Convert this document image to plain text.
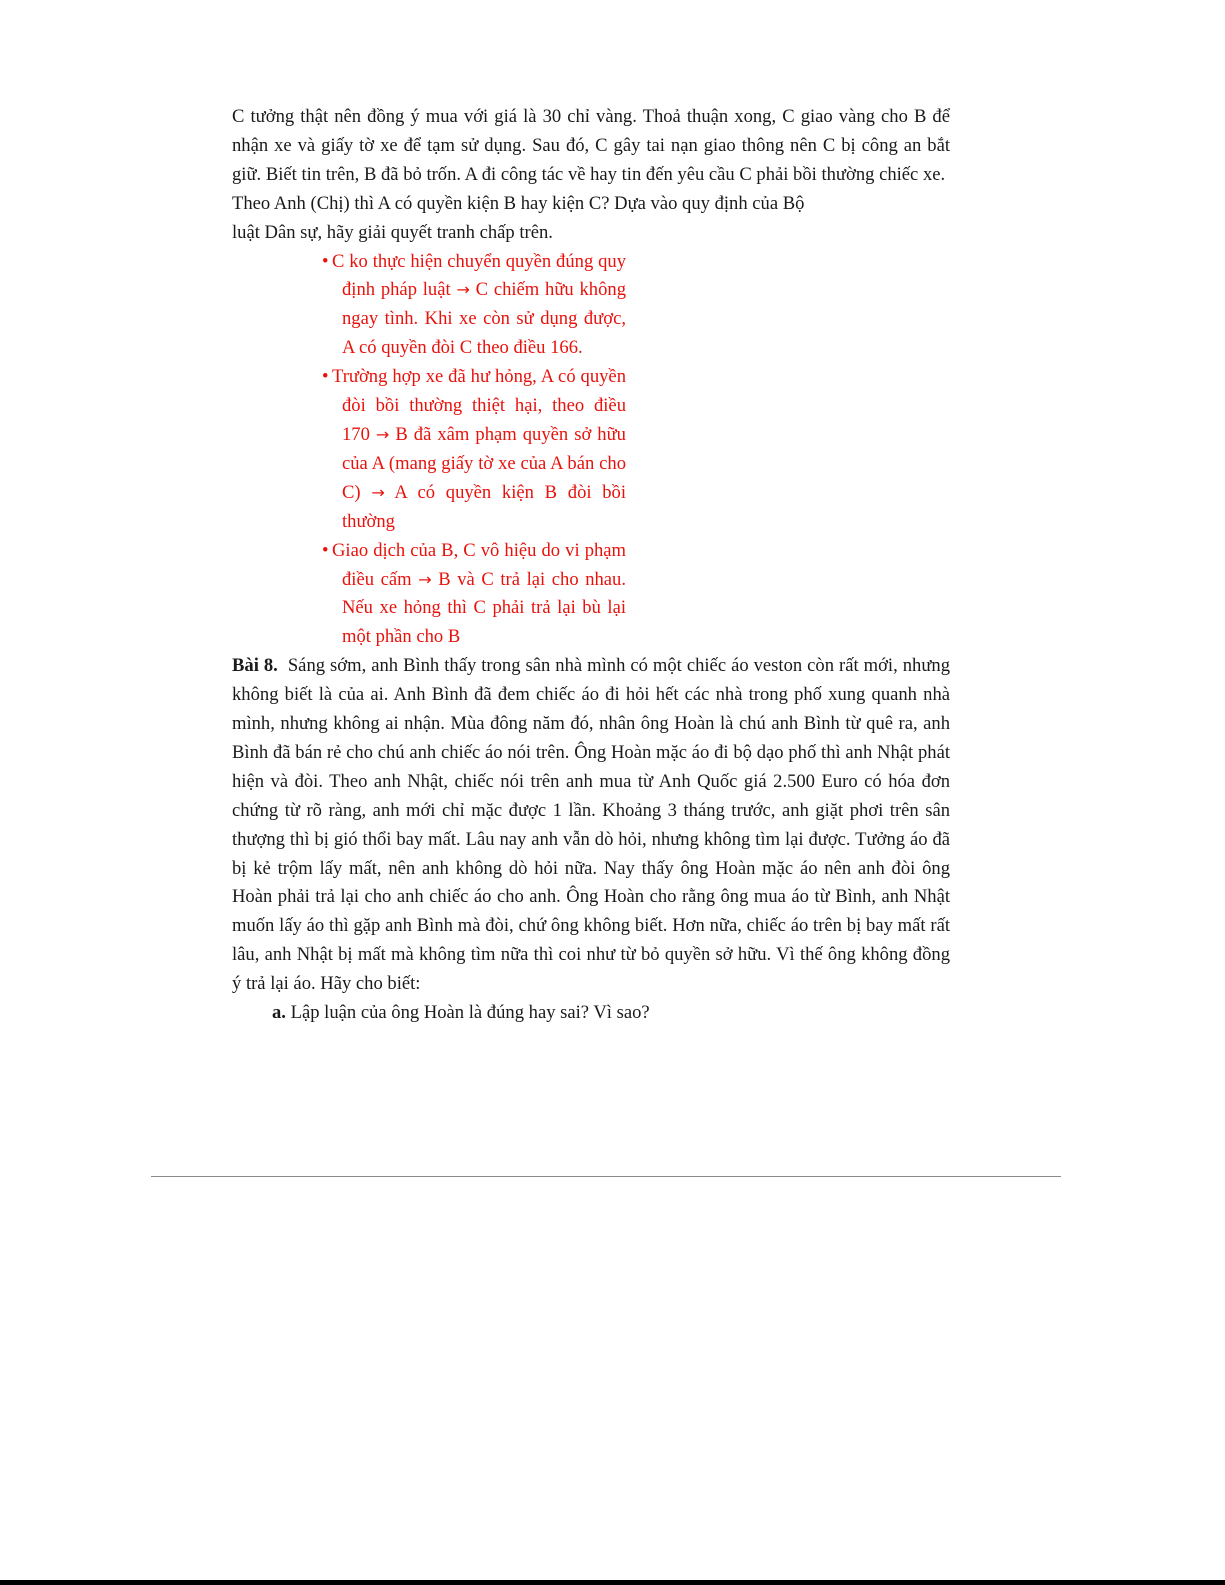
C tưởng thật nên đồng ý mua với giá là 30 chỉ vàng. Thoả thuận xong, C giao vàng cho B để nhận xe và giấy tờ xe để tạm sử dụng. Sau đó, C gây tai nạn giao thông nên C bị công an bắt giữ. Biết tin trên, B đã bỏ trốn. A đi công tác về hay tin đến yêu cầu C phải bồi thường chiếc xe.

Theo Anh (Chị) thì A có quyền kiện B hay kiện C? Dựa vào quy định của Bộ

luật Dân sự, hãy giải quyết tranh chấp trên.

• C ko thực hiện chuyển quyền đúng quy định pháp luật → C chiếm hữu không ngay tình. Khi xe còn sử dụng được, A có quyền đòi C theo điều 166.
• Trường hợp xe đã hư hỏng, A có quyền đòi bồi thường thiệt hại, theo điều 170 → B đã xâm phạm quyền sở hữu của A (mang giấy tờ xe của A bán cho C) → A có quyền kiện B đòi bồi thường
• Giao dịch của B, C vô hiệu do vi phạm điều cấm → B và C trả lại cho nhau. Nếu xe hỏng thì C phải trả lại bù lại một phần cho B

Bài 8. Sáng sớm, anh Bình thấy trong sân nhà mình có một chiếc áo veston còn rất mới, nhưng không biết là của ai. Anh Bình đã đem chiếc áo đi hỏi hết các nhà trong phố xung quanh nhà mình, nhưng không ai nhận. Mùa đông năm đó, nhân ông Hoàn là chú anh Bình từ quê ra, anh Bình đã bán rẻ cho chú anh chiếc áo nói trên. Ông Hoàn mặc áo đi bộ dạo phố thì anh Nhật phát hiện và đòi. Theo anh Nhật, chiếc nói trên anh mua từ Anh Quốc giá 2.500 Euro có hóa đơn chứng từ rõ ràng, anh mới chỉ mặc được 1 lần. Khoảng 3 tháng trước, anh giặt phơi trên sân thượng thì bị gió thổi bay mất. Lâu nay anh vẫn dò hỏi, nhưng không tìm lại được. Tưởng áo đã bị kẻ trộm lấy mất, nên anh không dò hỏi nữa. Nay thấy ông Hoàn mặc áo nên anh đòi ông Hoàn phải trả lại cho anh chiếc áo cho anh. Ông Hoàn cho rằng ông mua áo từ Bình, anh Nhật muốn lấy áo thì gặp anh Bình mà đòi, chứ ông không biết. Hơn nữa, chiếc áo trên bị bay mất rất lâu, anh Nhật bị mất mà không tìm nữa thì coi như từ bỏ quyền sở hữu. Vì thế ông không đồng ý trả lại áo. Hãy cho biết:

a. Lập luận của ông Hoàn là đúng hay sai? Vì sao?
